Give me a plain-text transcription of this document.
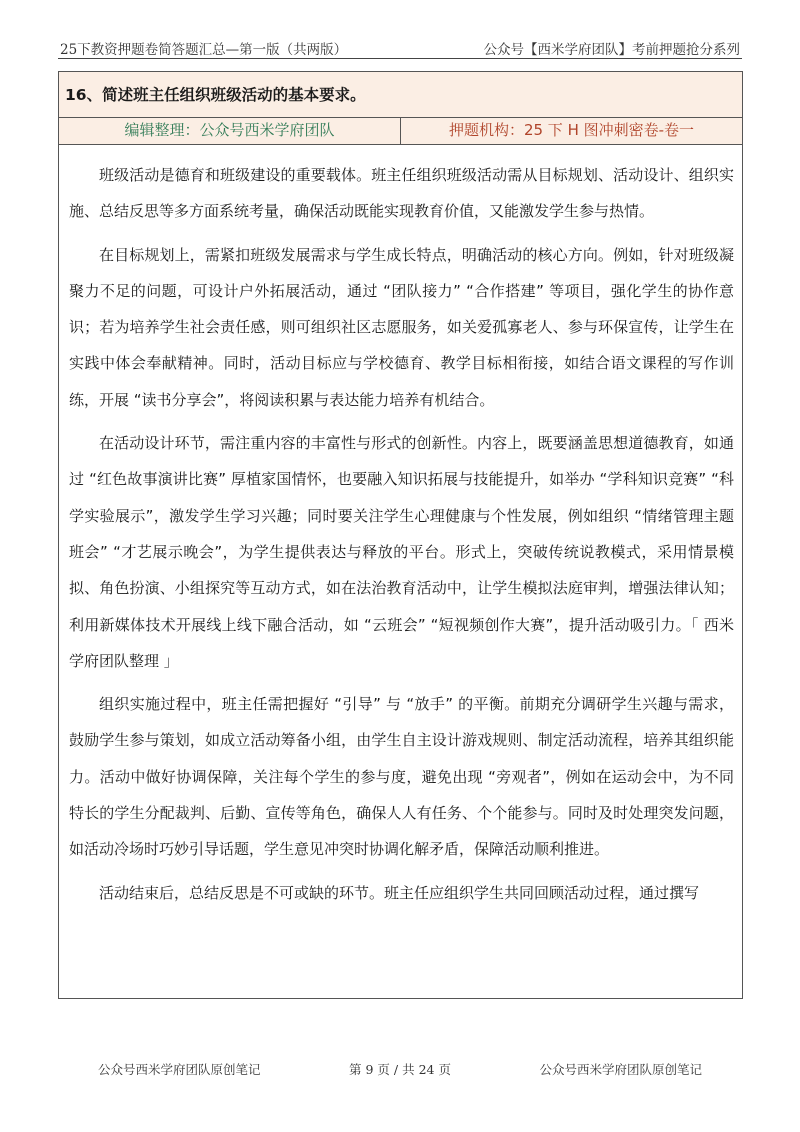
25下教资押题卷简答题汇总—第一版（共两版）	公众号【西米学府团队】考前押题抢分系列
16、简述班主任组织班级活动的基本要求。
编辑整理：公众号西米学府团队	押题机构：25 下 H 图冲刺密卷-卷一

班级活动是德育和班级建设的重要载体。班主任组织班级活动需从目标规划、活动设计、组织实施、总结反思等多方面系统考量，确保活动既能实现教育价值，又能激发学生参与热情。

在目标规划上，需紧扣班级发展需求与学生成长特点，明确活动的核心方向。例如，针对班级凝聚力不足的问题，可设计户外拓展活动，通过 “团队接力” “合作搭建” 等项目，强化学生的协作意识；若为培养学生社会责任感，则可组织社区志愿服务，如关爱孤寡老人、参与环保宣传，让学生在实践中体会奉献精神。同时，活动目标应与学校德育、教学目标相衔接，如结合语文课程的写作训练，开展 “读书分享会”，将阅读积累与表达能力培养有机结合。

在活动设计环节，需注重内容的丰富性与形式的创新性。内容上，既要涵盖思想道德教育，如通过 “红色故事演讲比赛” 厚植家国情怀，也要融入知识拓展与技能提升，如举办 “学科知识竞赛” “科学实验展示”，激发学生学习兴趣；同时要关注学生心理健康与个性发展，例如组织 “情绪管理主题班会” “才艺展示晚会”，为学生提供表达与释放的平台。形式上，突破传统说教模式，采用情景模拟、角色扮演、小组探究等互动方式，如在法治教育活动中，让学生模拟法庭审判，增强法律认知；利用新媒体技术开展线上线下融合活动，如 “云班会” “短视频创作大赛”，提升活动吸引力。「 西米学府团队整理 」

组织实施过程中，班主任需把握好 “引导” 与 “放手” 的平衡。前期充分调研学生兴趣与需求，鼓励学生参与策划，如成立活动筹备小组，由学生自主设计游戏规则、制定活动流程，培养其组织能力。活动中做好协调保障，关注每个学生的参与度，避免出现 “旁观者”，例如在运动会中，为不同特长的学生分配裁判、后勤、宣传等角色，确保人人有任务、个个能参与。同时及时处理突发问题，如活动冷场时巧妙引导话题，学生意见冲突时协调化解矛盾，保障活动顺利推进。

活动结束后，总结反思是不可或缺的环节。班主任应组织学生共同回顾活动过程，通过撰写

公众号西米学府团队原创笔记	第 9 页 / 共 24 页	公众号西米学府团队原创笔记
